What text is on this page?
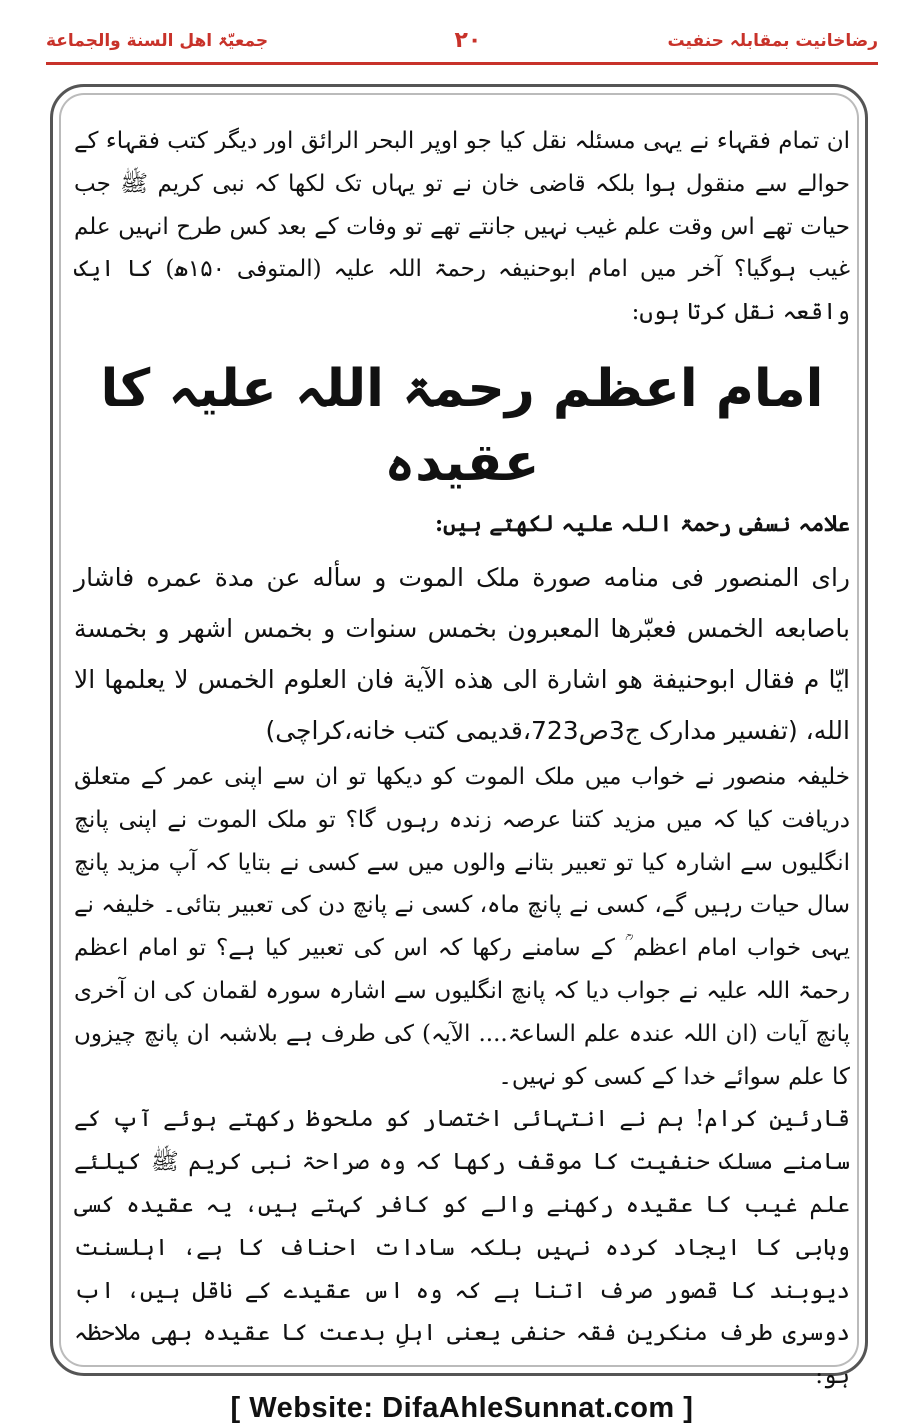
جمعیّۃ اهل السنة والجماعة	۲۰	رضاخانیت بمقابلہ حنفیت

ان تمام فقہاء نے یہی مسئلہ نقل کیا جو اوپر البحر الرائق اور دیگر کتب فقہاء کے حوالے سے منقول ہوا بلکہ قاضی خان نے تو یہاں تک لکھا کہ نبی کریم ﷺ جب حیات تھے اس وقت علم غیب نہیں جانتے تھے تو وفات کے بعد کس طرح انہیں علم غیب ہوگیا؟ آخر میں امام ابوحنیفہ رحمۃ اللہ علیہ (المتوفی ۱۵۰ھ) کا ایک واقعہ نقل کرتا ہوں:

امام اعظم رحمۃ اللہ علیہ کا عقیدہ

علامہ نسفی رحمۃ اللہ علیہ لکھتے ہیں:

رای المنصور فی منامه صورة ملک الموت و سأله عن مدة عمره فاشار باصابعه الخمس فعبّرها المعبرون بخمس سنوات و بخمس اشهر و بخمسة ايّا م فقال ابوحنيفة هو اشارة الى هذه الآية فان العلوم الخمس لا يعلمها الا الله، (تفسير مدارک ج3ص723،قديمی کتب خانه،کراچی)

خلیفہ منصور نے خواب میں ملک الموت کو دیکھا تو ان سے اپنی عمر کے متعلق دریافت کیا کہ میں مزید کتنا عرصہ زندہ رہوں گا؟ تو ملک الموت نے اپنی پانچ انگلیوں سے اشارہ کیا تو تعبیر بتانے والوں میں سے کسی نے بتایا کہ آپ مزید پانچ سال حیات رہیں گے، کسی نے پانچ ماہ، کسی نے پانچ دن کی تعبیر بتائی۔ خلیفہ نے یہی خواب امام اعظم ؒ کے سامنے رکھا کہ اس کی تعبیر کیا ہے؟ تو امام اعظم رحمۃ اللہ علیہ نے جواب دیا کہ پانچ انگلیوں سے اشارہ سورہ لقمان کی ان آخری پانچ آیات (ان اللہ عندہ علم الساعۃ.... الآیہ) کی طرف ہے بلاشبہ ان پانچ چیزوں کا علم سوائے خدا کے کسی کو نہیں۔

قارئین کرام! ہم نے انتہائی اختصار کو ملحوظ رکھتے ہوئے آپ کے سامنے مسلک حنفیت کا موقف رکھا کہ وہ صراحۃ نبی کریم ﷺ کیلئے علم غیب کا عقیدہ رکھنے والے کو کافر کہتے ہیں، یہ عقیدہ کسی وہابی کا ایجاد کردہ نہیں بلکہ سادات احناف کا ہے، اہلسنت دیوبند کا قصور صرف اتنا ہے کہ وہ اس عقیدے کے ناقل ہیں، اب دوسری طرف منکرین فقہ حنفی یعنی اہلِ بدعت کا عقیدہ بھی ملاحظہ ہو:

[ Website: DifaAhleSunnat.com ]
